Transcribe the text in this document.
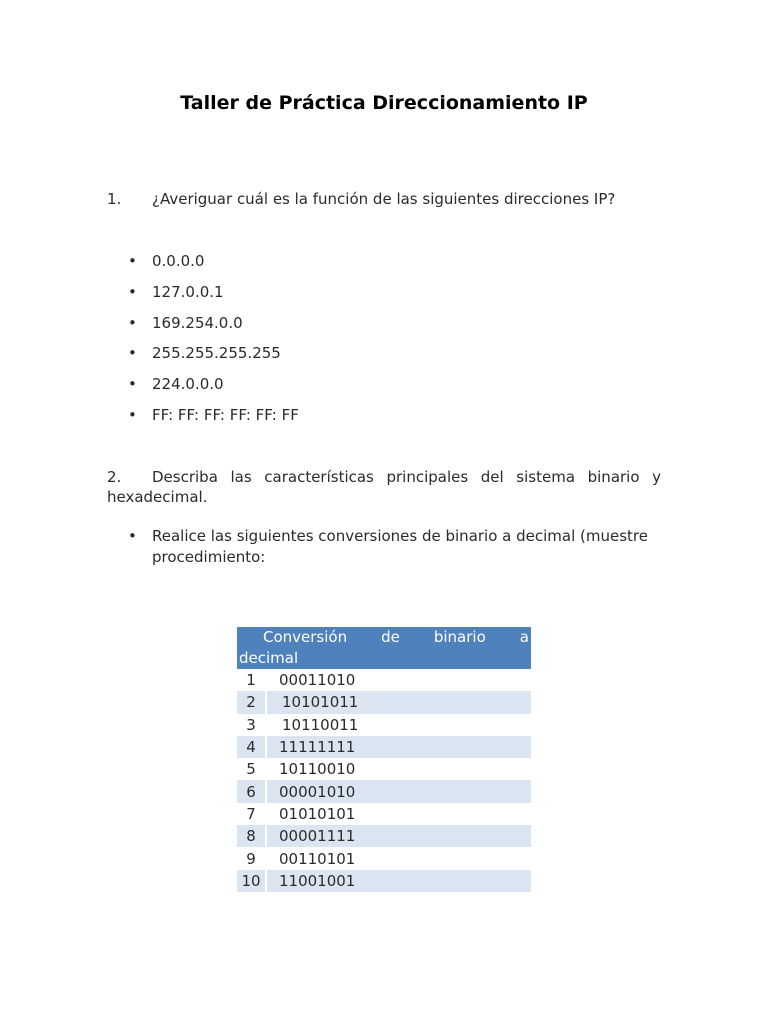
Taller de Práctica Direccionamiento IP
1. ¿Averiguar cuál es la función de las siguientes direcciones IP?
• 0.0.0.0
• 127.0.0.1
• 169.254.0.0
• 255.255.255.255
• 224.0.0.0
• FF: FF: FF: FF: FF: FF
2. Describa las características principales del sistema binario y
hexadecimal.
• Realice las siguientes conversiones de binario a decimal (muestre procedimiento:
Conversión de binario a
decimal	

1	00011010
2	10101011
3	10110011
4	11111111
5	10110010
6	00001010
7	01010101
8	00001111
9	00110101
10	11001001
